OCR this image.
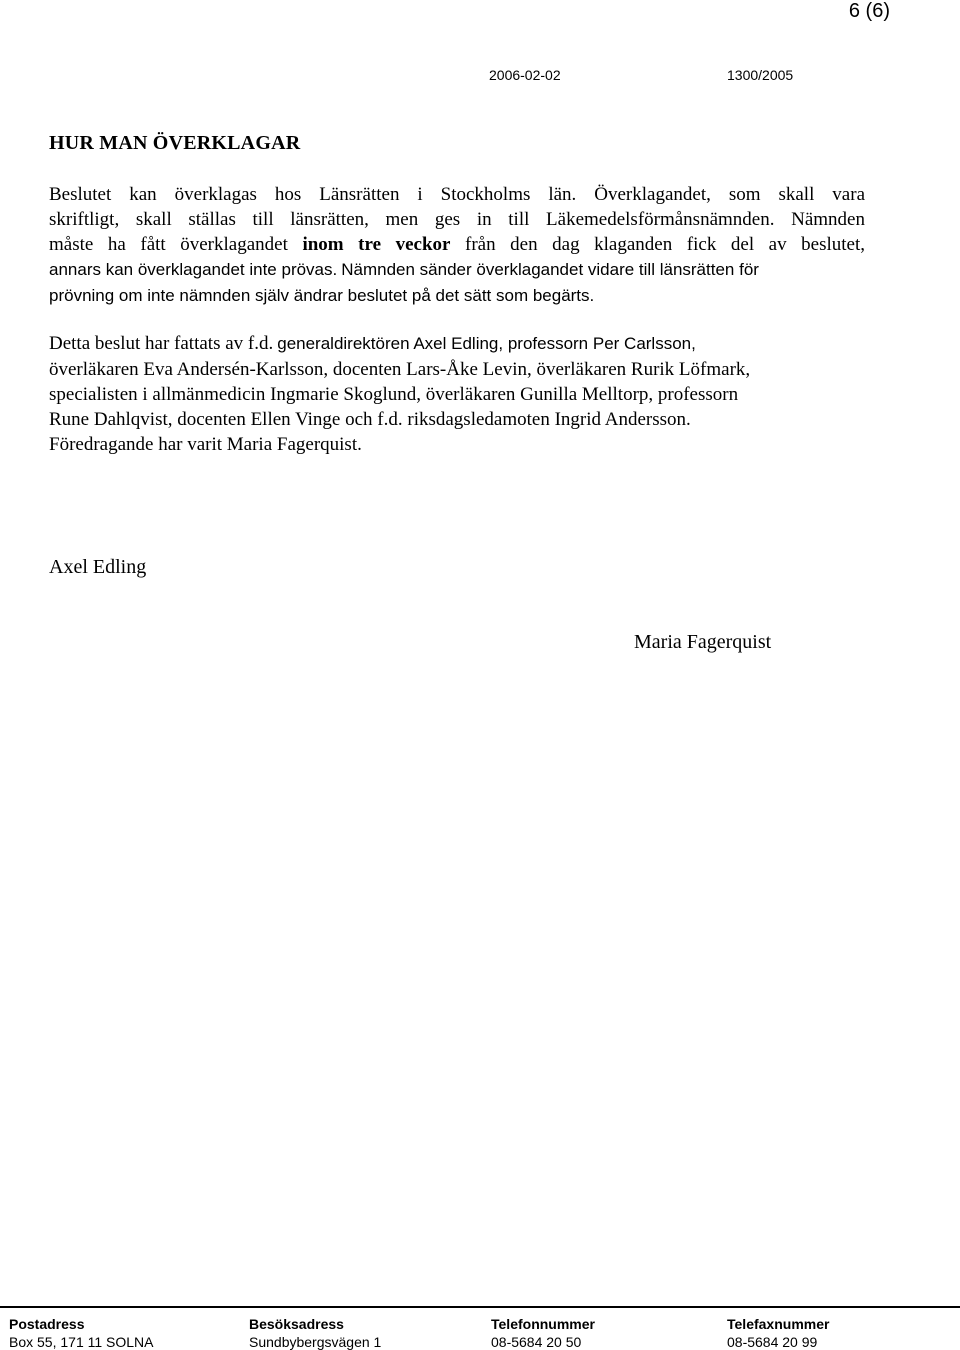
6 (6)

2006-02-02	1300/2005

HUR MAN ÖVERKLAGAR
Beslutet kan överklagas hos Länsrätten i Stockholms län. Överklagandet, som skall vara
skriftligt, skall ställas till länsrätten, men ges in till Läkemedelsförmånsnämnden. Nämnden
måste ha fått överklagandet inom tre veckor från den dag klaganden fick del av beslutet,
annars kan överklagandet inte prövas. Nämnden sänder överklagandet vidare till länsrätten för
prövning om inte nämnden själv ändrar beslutet på det sätt som begärts.
Detta beslut har fattats av f.d. generaldirektören Axel Edling, professorn Per Carlsson,
överläkaren Eva Andersén-Karlsson, docenten Lars-Åke Levin, överläkaren Rurik Löfmark,
specialisten i allmänmedicin Ingmarie Skoglund, överläkaren Gunilla Melltorp, professorn
Rune Dahlqvist, docenten Ellen Vinge och f.d. riksdagsledamoten Ingrid Andersson.
Föredragande har varit Maria Fagerquist.

Axel Edling

Maria Fagerquist

Postadress	Besöksadress	Telefonnummer	Telefaxnummer
Box 55, 171 11 SOLNA	Sundbybergsvägen 1	08-5684 20 50	08-5684 20 99
